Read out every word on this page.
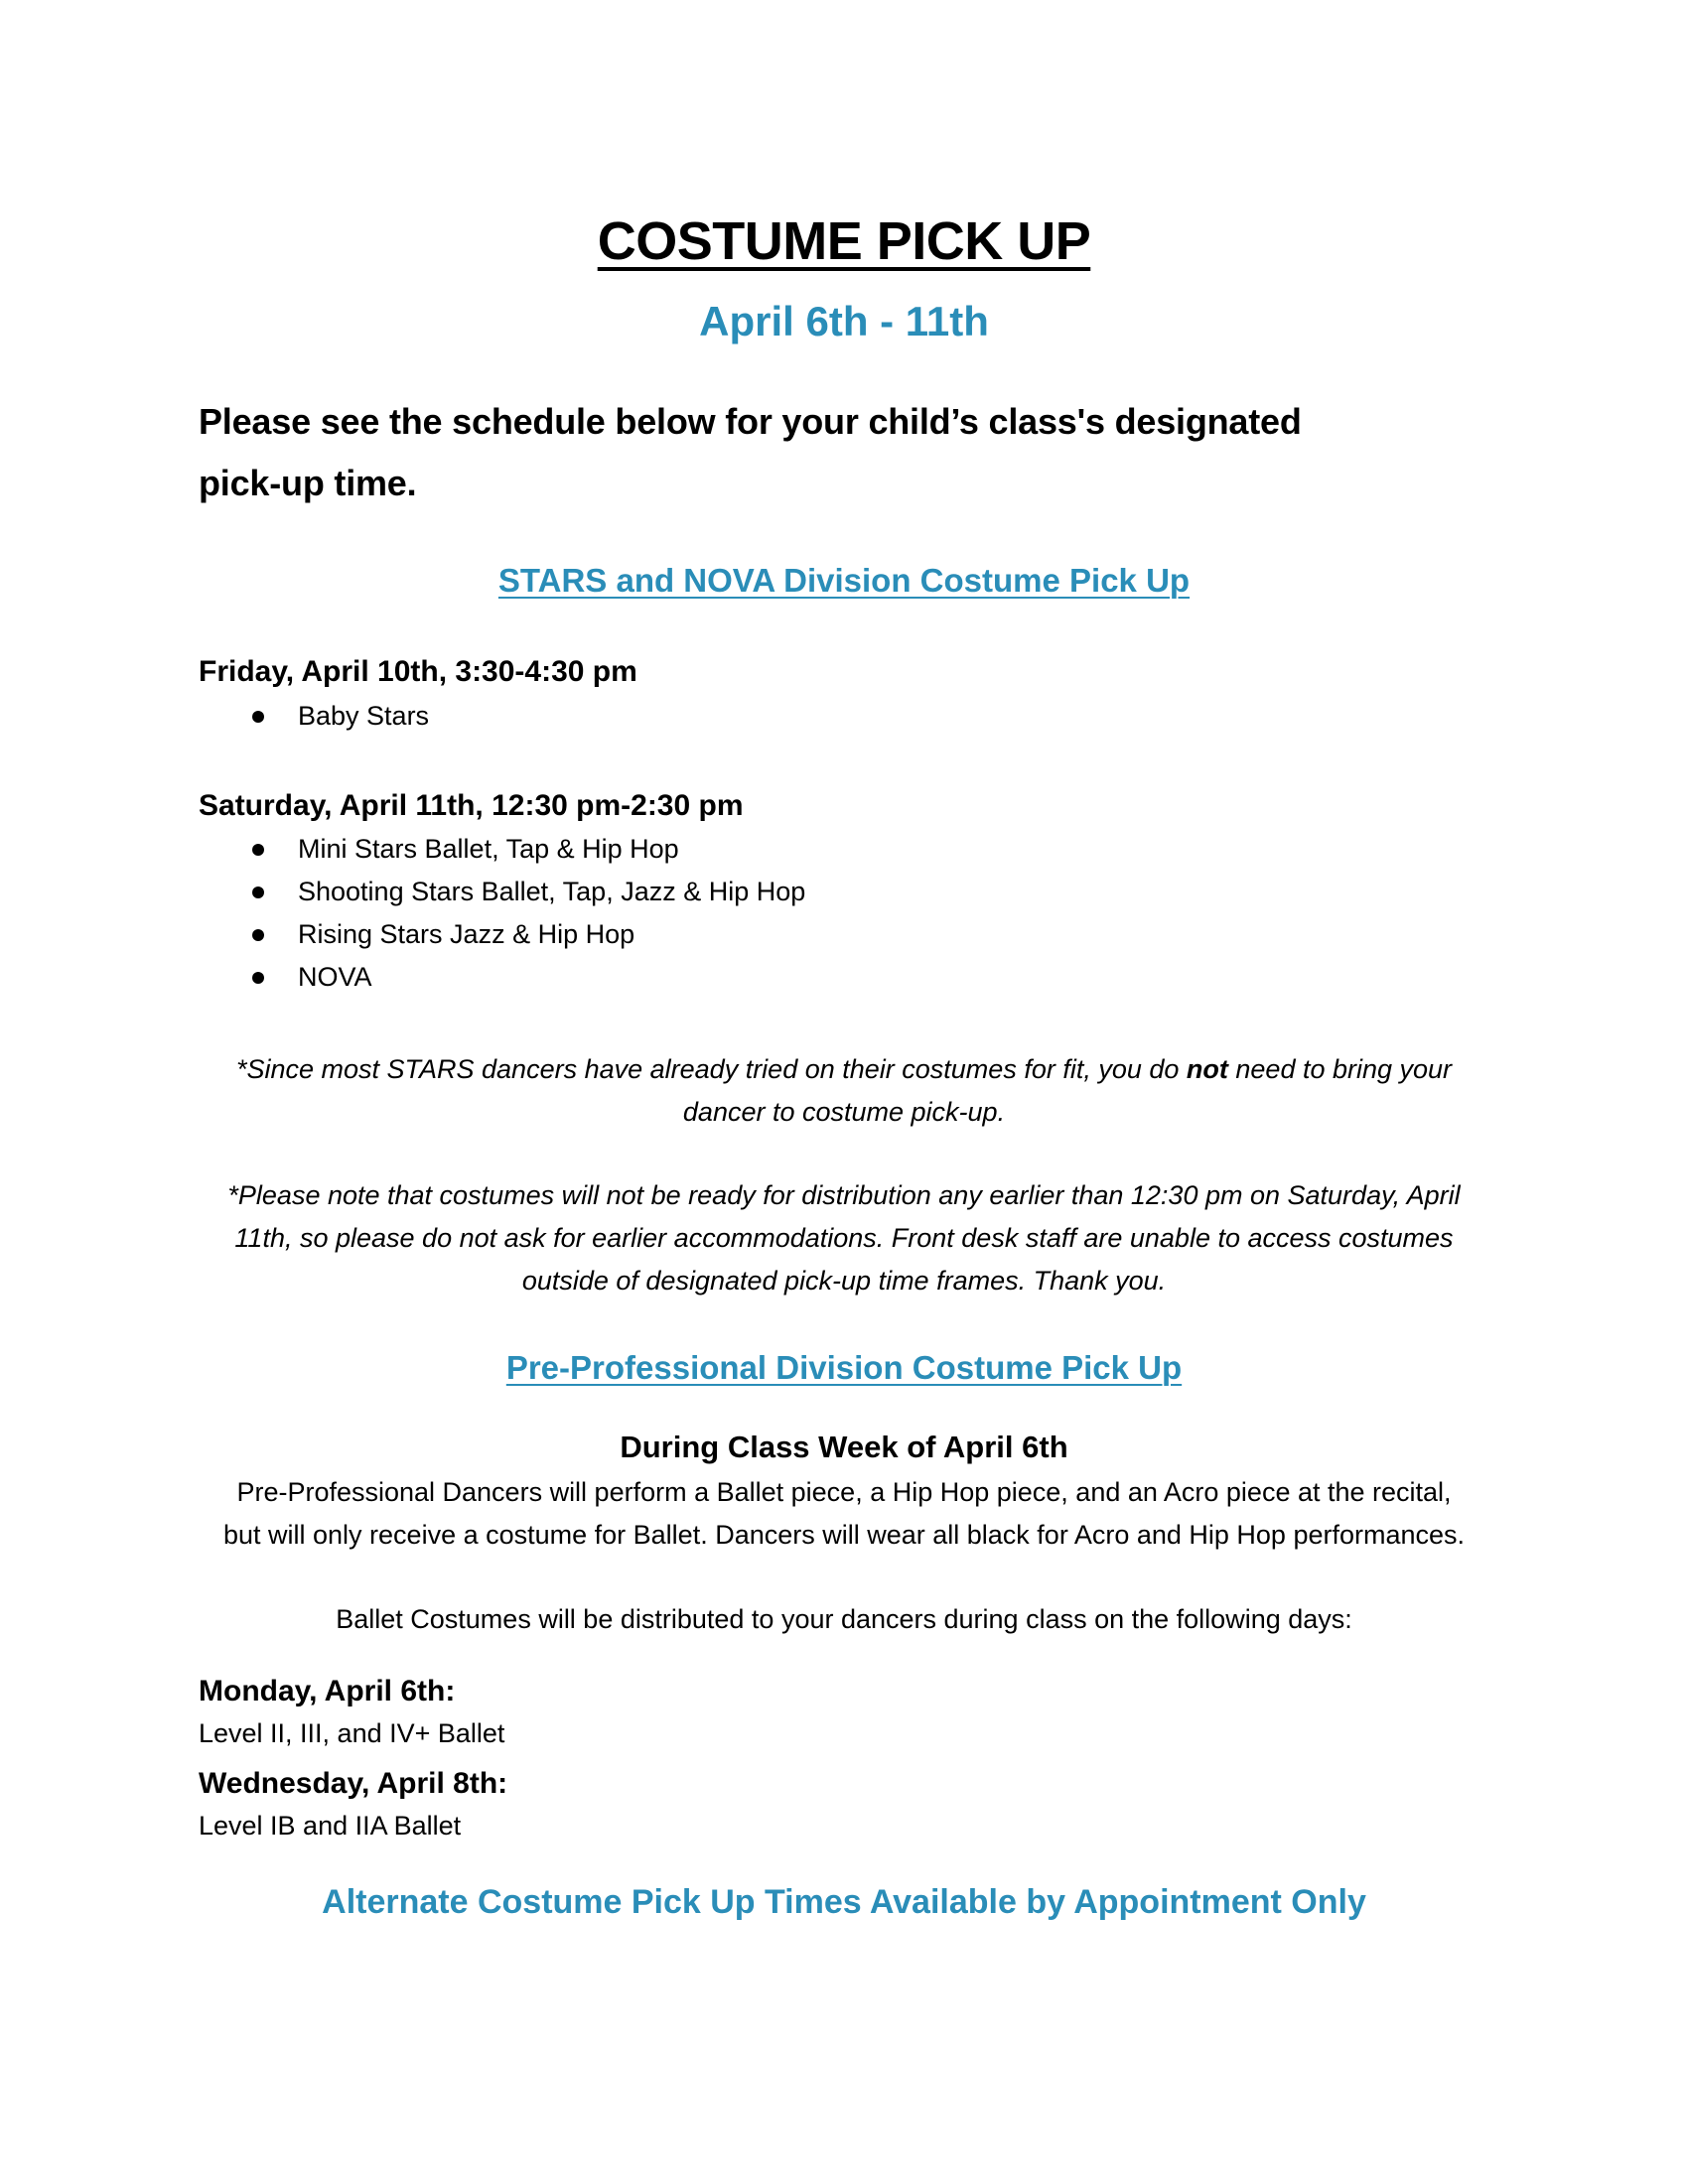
COSTUME PICK UP
April 6th - 11th
Please see the schedule below for your child’s class's designated
pick-up time.
STARS and NOVA Division Costume Pick Up
Friday, April 10th, 3:30-4:30 pm
Baby Stars
Saturday, April 11th, 12:30 pm-2:30 pm
Mini Stars Ballet, Tap & Hip Hop
Shooting Stars Ballet, Tap, Jazz & Hip Hop
Rising Stars Jazz & Hip Hop
NOVA
*Since most STARS dancers have already tried on their costumes for fit, you do not need to bring your
dancer to costume pick-up.
*Please note that costumes will not be ready for distribution any earlier than 12:30 pm on Saturday, April
11th, so please do not ask for earlier accommodations. Front desk staff are unable to access costumes
outside of designated pick-up time frames. Thank you.
Pre-Professional Division Costume Pick Up
During Class Week of April 6th
Pre-Professional Dancers will perform a Ballet piece, a Hip Hop piece, and an Acro piece at the recital,
but will only receive a costume for Ballet. Dancers will wear all black for Acro and Hip Hop performances.
Ballet Costumes will be distributed to your dancers during class on the following days:
Monday, April 6th:
Level II, III, and IV+ Ballet
Wednesday, April 8th:
Level IB and IIA Ballet
Alternate Costume Pick Up Times Available by Appointment Only
